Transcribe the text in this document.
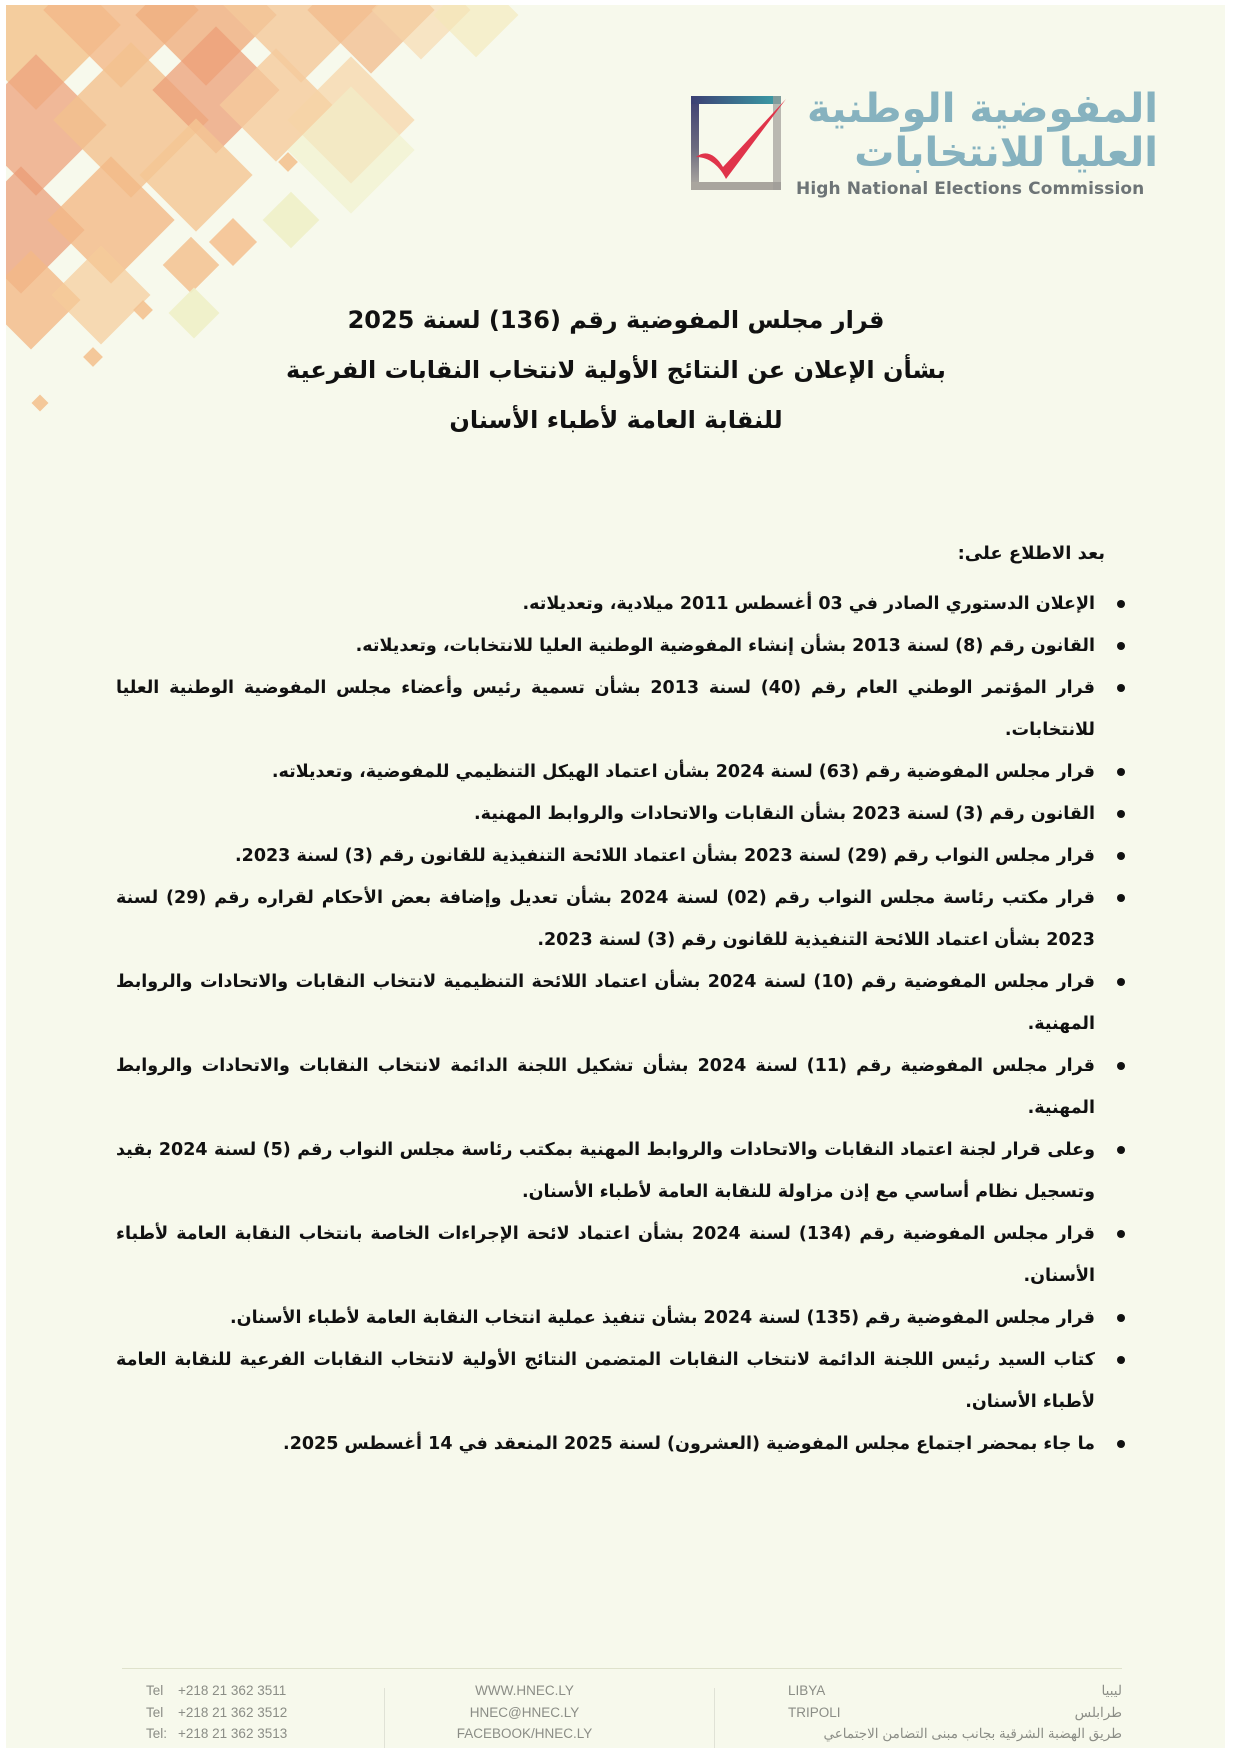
المفوضية الوطنية
العليا للانتخابات
High National Elections Commission
قرار مجلس المفوضية رقم (136) لسنة 2025
بشأن الإعلان عن النتائج الأولية لانتخاب النقابات الفرعية
للنقابة العامة لأطباء الأسنان
بعد الاطلاع على:
الإعلان الدستوري الصادر في 03 أغسطس 2011 ميلادية، وتعديلاته.
القانون رقم (8) لسنة 2013 بشأن إنشاء المفوضية الوطنية العليا للانتخابات، وتعديلاته.
قرار المؤتمر الوطني العام رقم (40) لسنة 2013 بشأن تسمية رئيس وأعضاء مجلس المفوضية الوطنية العليا للانتخابات.
قرار مجلس المفوضية رقم (63) لسنة 2024 بشأن اعتماد الهيكل التنظيمي للمفوضية، وتعديلاته.
القانون رقم (3) لسنة 2023 بشأن النقابات والاتحادات والروابط المهنية.
قرار مجلس النواب رقم (29) لسنة 2023 بشأن اعتماد اللائحة التنفيذية للقانون رقم (3) لسنة 2023.
قرار مكتب رئاسة مجلس النواب رقم (02) لسنة 2024 بشأن تعديل وإضافة بعض الأحكام لقراره رقم (29) لسنة 2023 بشأن اعتماد اللائحة التنفيذية للقانون رقم (3) لسنة 2023.
قرار مجلس المفوضية رقم (10) لسنة 2024 بشأن اعتماد اللائحة التنظيمية لانتخاب النقابات والاتحادات والروابط المهنية.
قرار مجلس المفوضية رقم (11) لسنة 2024 بشأن تشكيل اللجنة الدائمة لانتخاب النقابات والاتحادات والروابط المهنية.
وعلى قرار لجنة اعتماد النقابات والاتحادات والروابط المهنية بمكتب رئاسة مجلس النواب رقم (5) لسنة 2024 بقيد وتسجيل نظام أساسي مع إذن مزاولة للنقابة العامة لأطباء الأسنان.
قرار مجلس المفوضية رقم (134) لسنة 2024 بشأن اعتماد لائحة الإجراءات الخاصة بانتخاب النقابة العامة لأطباء الأسنان.
قرار مجلس المفوضية رقم (135) لسنة 2024 بشأن تنفيذ عملية انتخاب النقابة العامة لأطباء الأسنان.
كتاب السيد رئيس اللجنة الدائمة لانتخاب النقابات المتضمن النتائج الأولية لانتخاب النقابات الفرعية للنقابة العامة لأطباء الأسنان.
ما جاء بمحضر اجتماع مجلس المفوضية (العشرون) لسنة 2025 المنعقد في 14 أغسطس 2025.
Tel +218 21 362 3511
Tel +218 21 362 3512
Tel: +218 21 362 3513
WWW.HNEC.LY
HNEC@HNEC.LY
FACEBOOK/HNEC.LY
LIBYA
TRIPOLI
ليبيا
طرابلس
طريق الهضبة الشرقية بجانب مبنى التضامن الاجتماعي
